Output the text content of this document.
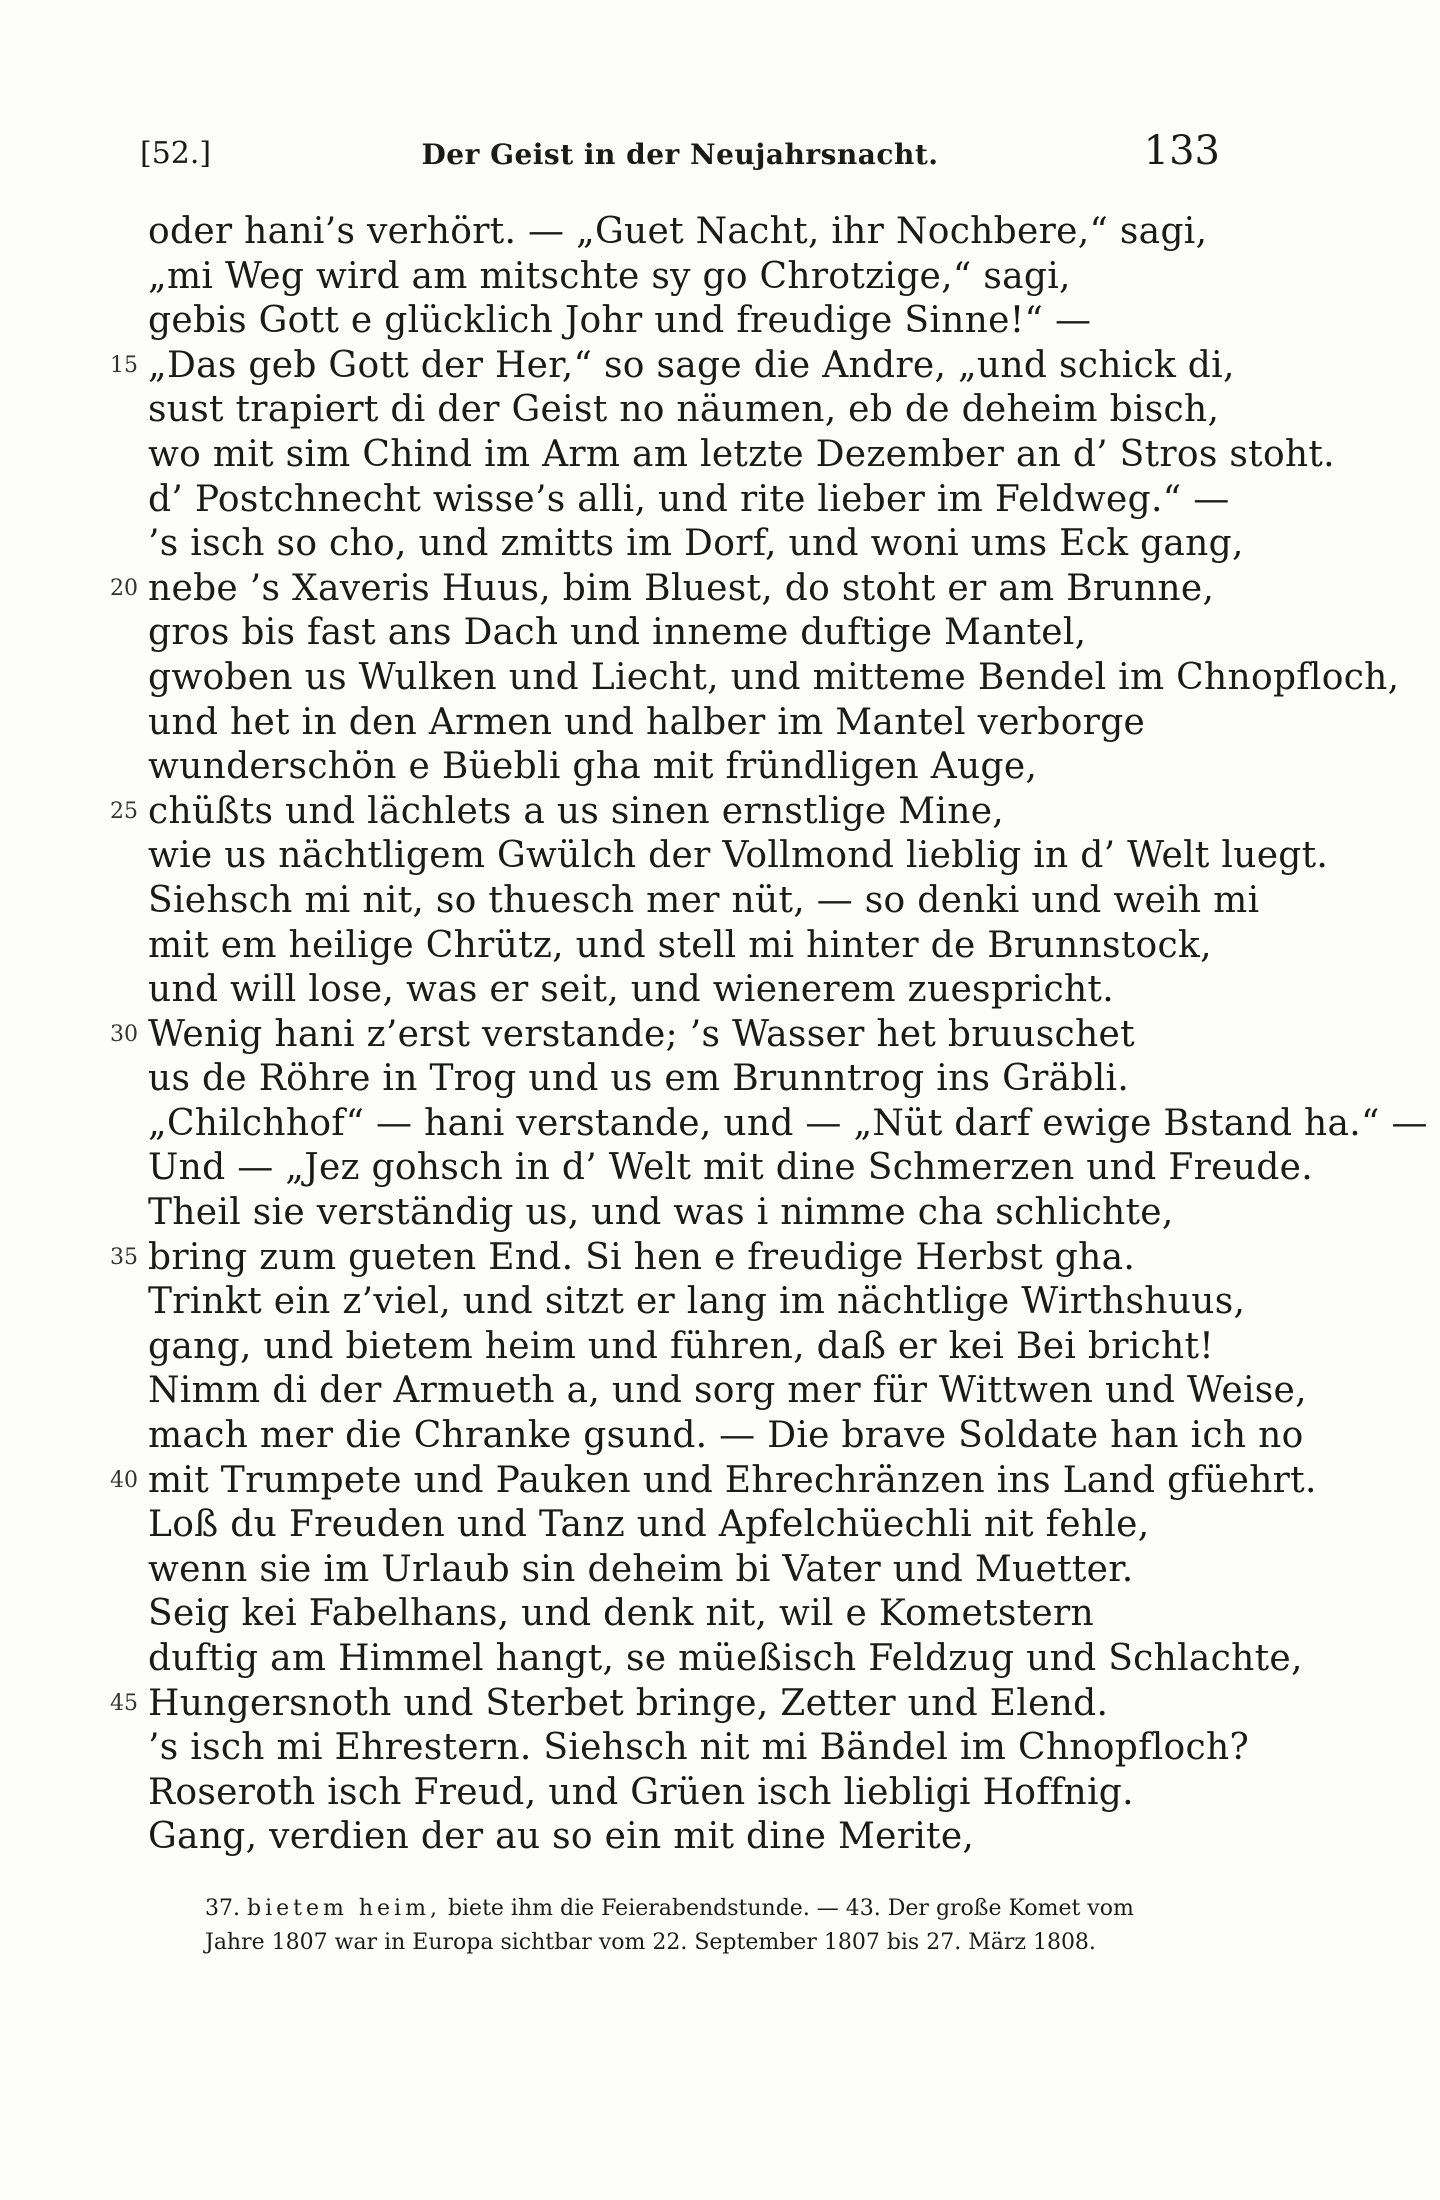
[52.]	Der Geist in der Neujahrsnacht.	133
oder hani’s verhört. — „Guet Nacht, ihr Nochbere,“ sagi,
„mi Weg wird am mitschte sy go Chrotzige,“ sagi,
gebis Gott e glücklich Johr und freudige Sinne!“ —
15 „Das geb Gott der Her,“ so sage die Andre, „und schick di,
sust trapiert di der Geist no näumen, eb de deheim bisch,
wo mit sim Chind im Arm am letzte Dezember an d’ Stros stoht.
d’ Postchnecht wisse’s alli, und rite lieber im Feldweg.“ —
’s isch so cho, und zmitts im Dorf, und woni ums Eck gang,
20 nebe ’s Xaveris Huus, bim Bluest, do stoht er am Brunne,
gros bis fast ans Dach und inneme duftige Mantel,
gwoben us Wulken und Liecht, und mitteme Bendel im Chnopfloch,
und het in den Armen und halber im Mantel verborge
wunderschön e Büebli gha mit fründligen Auge,
25 chüßts und lächlets a us sinen ernstlige Mine,
wie us nächtligem Gwülch der Vollmond lieblig in d’ Welt luegt.
Siehsch mi nit, so thuesch mer nüt, — so denki und weih mi
mit em heilige Chrütz, und stell mi hinter de Brunnstock,
und will lose, was er seit, und wienerem zuespricht.
30 Wenig hani z’erst verstande; ’s Wasser het bruuschet
us de Röhre in Trog und us em Brunntrog ins Gräbli.
„Chilchhof“ — hani verstande, und — „Nüt darf ewige Bstand ha.“ —
Und — „Jez gohsch in d’ Welt mit dine Schmerzen und Freude.
Theil sie verständig us, und was i nimme cha schlichte,
35 bring zum gueten End. Si hen e freudige Herbst gha.
Trinkt ein z’viel, und sitzt er lang im nächtlige Wirthshuus,
gang, und bietem heim und führen, daß er kei Bei bricht!
Nimm di der Armueth a, und sorg mer für Wittwen und Weise,
mach mer die Chranke gsund. — Die brave Soldate han ich no
40 mit Trumpete und Pauken und Ehrechränzen ins Land gfüehrt.
Loß du Freuden und Tanz und Apfelchüechli nit fehle,
wenn sie im Urlaub sin deheim bi Vater und Muetter.
Seig kei Fabelhans, und denk nit, wil e Kometstern
duftig am Himmel hangt, se müeßisch Feldzug und Schlachte,
45 Hungersnoth und Sterbet bringe, Zetter und Elend.
’s isch mi Ehrestern. Siehsch nit mi Bändel im Chnopfloch?
Roseroth isch Freud, und Grüen isch liebligi Hoffnig.
Gang, verdien der au so ein mit dine Merite,
37. bietem heim, biete ihm die Feierabendstunde. — 43. Der große Komet vom
Jahre 1807 war in Europa sichtbar vom 22. September 1807 bis 27. März 1808.
